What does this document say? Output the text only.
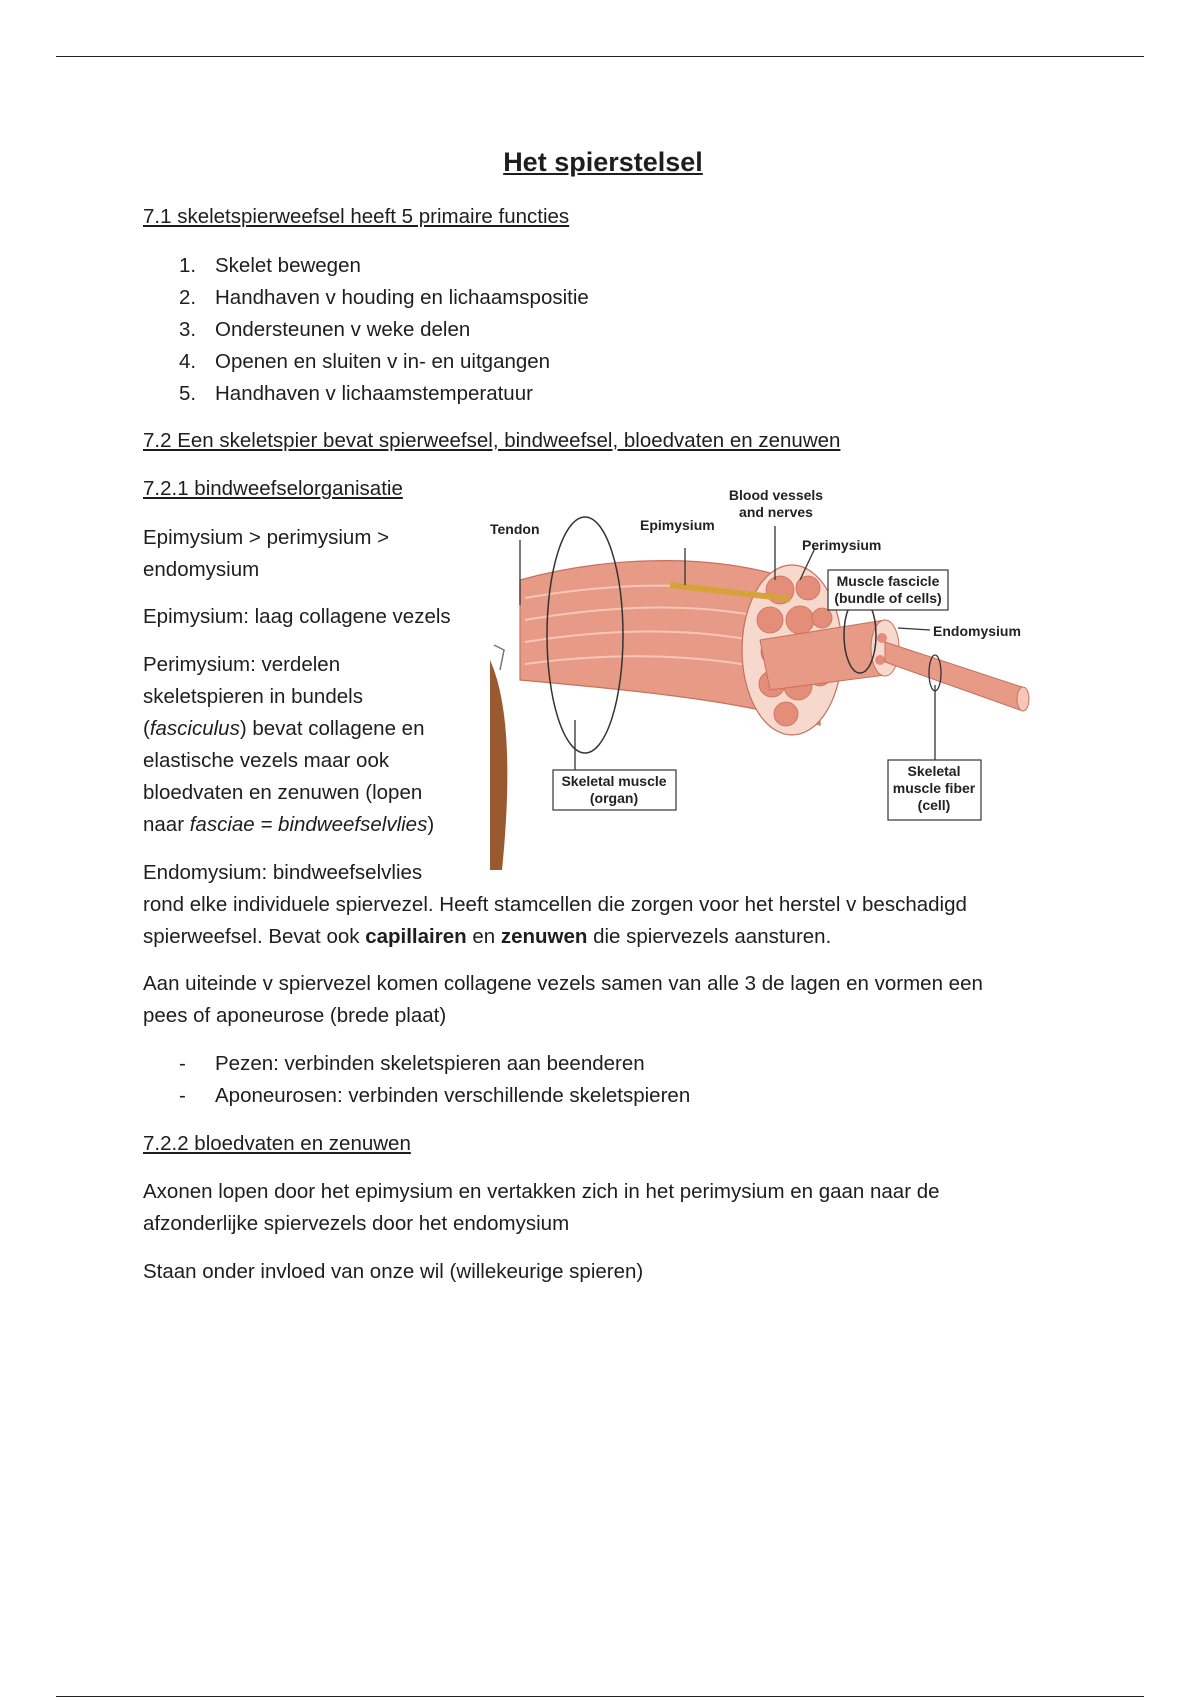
Het spierstelsel
7.1 skeletspierweefsel heeft 5 primaire functies
1. Skelet bewegen
2. Handhaven v houding en lichaamspositie
3. Ondersteunen v weke delen
4. Openen en sluiten v in- en uitgangen
5. Handhaven v lichaamstemperatuur
7.2 Een skeletspier bevat spierweefsel, bindweefsel, bloedvaten en zenuwen
7.2.1 bindweefselorganisatie
Epimysium > perimysium >
endomysium
Epimysium: laag collagene vezels
Perimysium: verdelen
skeletspieren in bundels
(fasciculus) bevat collagene en
elastische vezels maar ook
bloedvaten en zenuwen (lopen
naar fasciae = bindweefselvlies)
Endomysium: bindweefselvlies
rond elke individuele spiervezel. Heeft stamcellen die zorgen voor het herstel v beschadigd
spierweefsel. Bevat ook capillairen en zenuwen die spiervezels aansturen.
Aan uiteinde v spiervezel komen collagene vezels samen van alle 3 de lagen en vormen een
pees of aponeurose (brede plaat)
- Pezen: verbinden skeletspieren aan beenderen
- Aponeurosen: verbinden verschillende skeletspieren
7.2.2 bloedvaten en zenuwen
Axonen lopen door het epimysium en vertakken zich in het perimysium en gaan naar de
afzonderlijke spiervezels door het endomysium
Staan onder invloed van onze wil (willekeurige spieren)
Tendon	Epimysium
Blood vessels
and nerves
Perimysium
Muscle fascicle
(bundle of cells)
Endomysium
Skeletal muscle
(organ)
Skeletal
muscle fiber
(cell)
